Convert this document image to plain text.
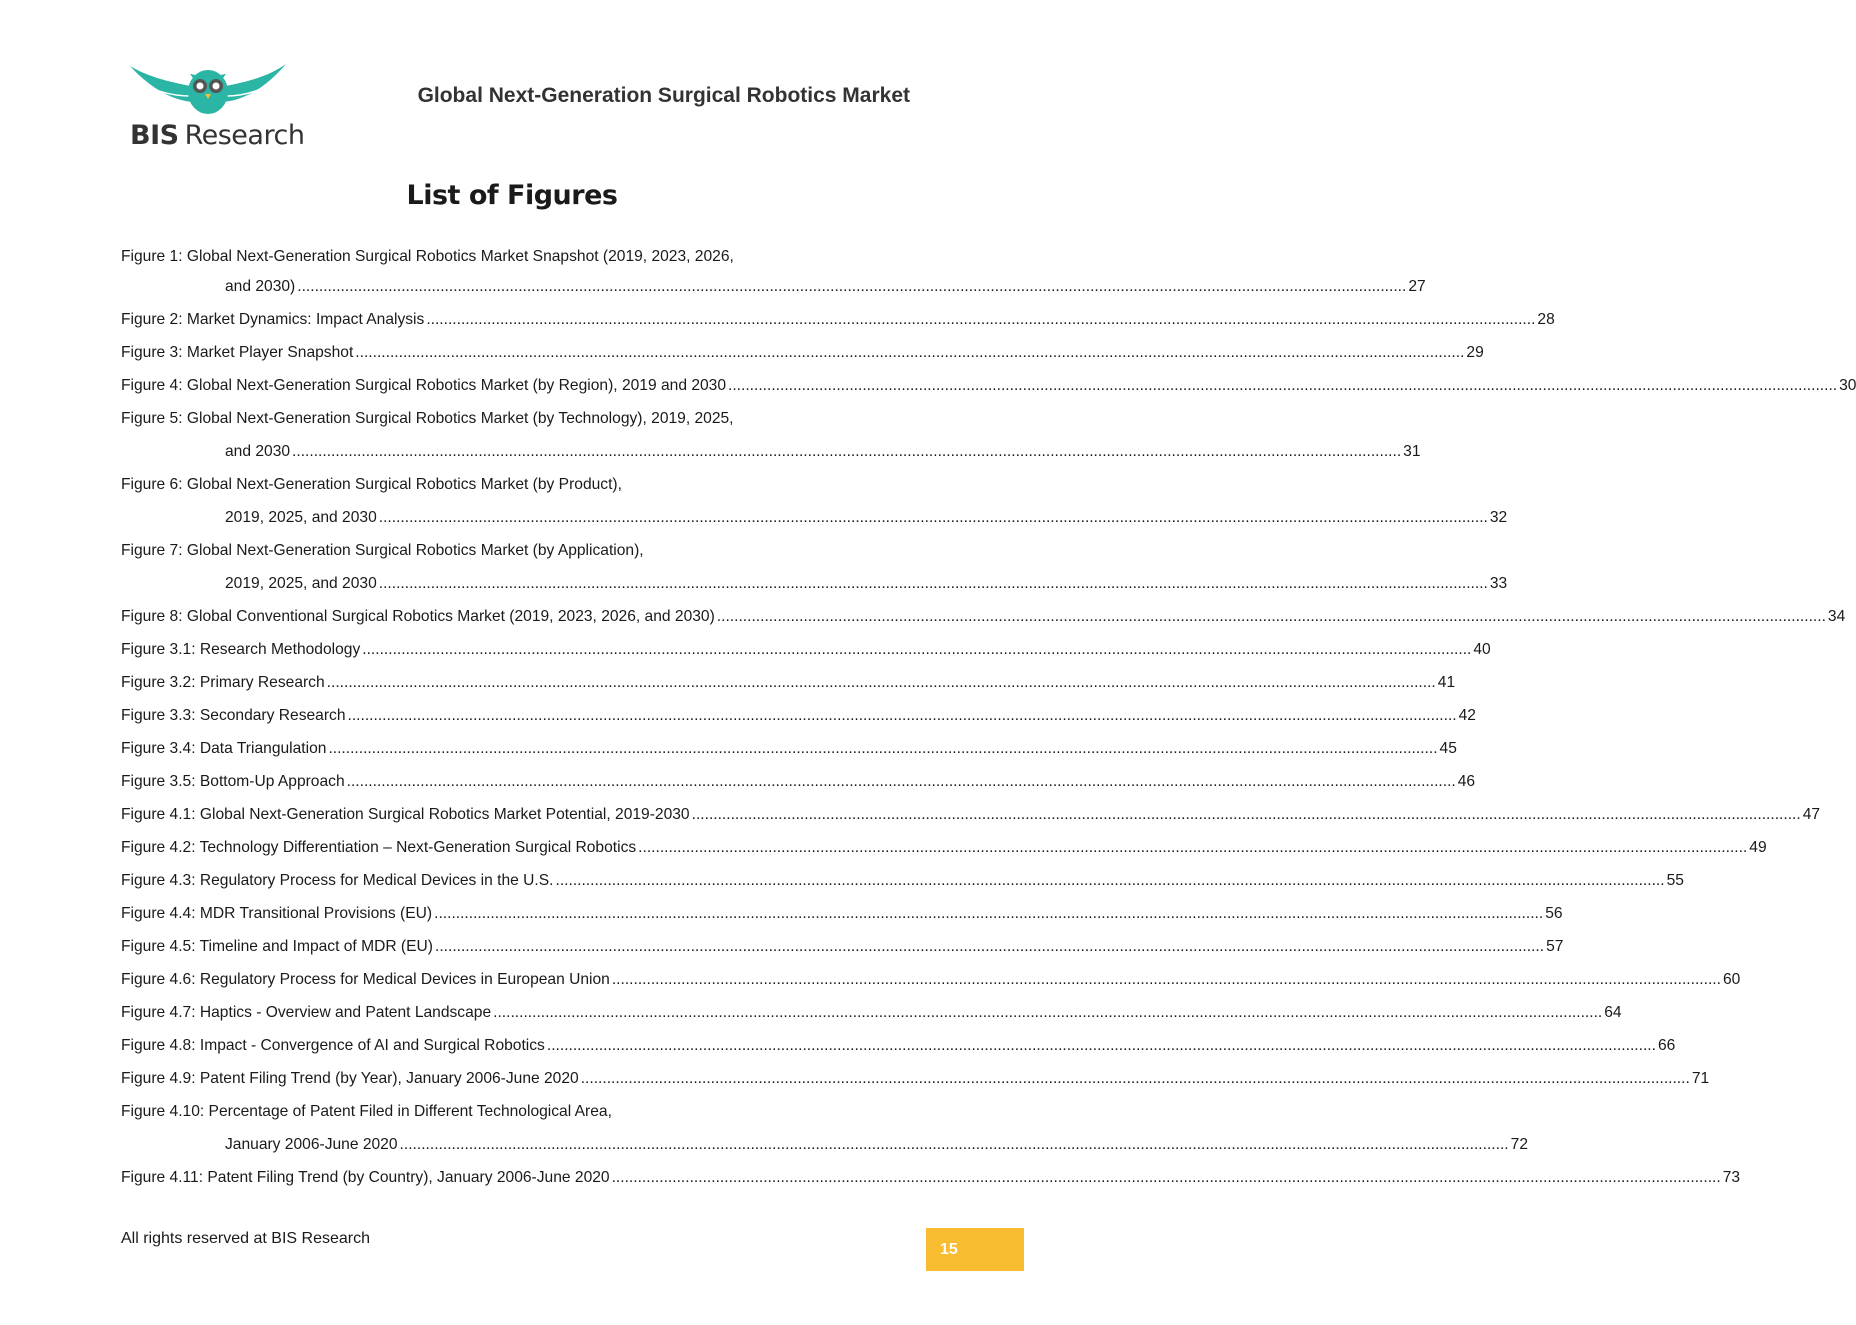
BIS Research
Global Next-Generation Surgical Robotics Market
List of Figures
Figure 1: Global Next-Generation Surgical Robotics Market Snapshot (2019, 2023, 2026,
and 2030) .....	27
Figure 2: Market Dynamics: Impact Analysis .....	28
Figure 3: Market Player Snapshot .....	29
Figure 4: Global Next-Generation Surgical Robotics Market (by Region), 2019 and 2030 .....	30
Figure 5: Global Next-Generation Surgical Robotics Market (by Technology), 2019, 2025,
and 2030 .....	31
Figure 6: Global Next-Generation Surgical Robotics Market (by Product),
2019, 2025, and 2030 .....	32
Figure 7: Global Next-Generation Surgical Robotics Market (by Application),
2019, 2025, and 2030 .....	33
Figure 8: Global Conventional Surgical Robotics Market (2019, 2023, 2026, and 2030) .....	34
Figure 3.1: Research Methodology .....	40
Figure 3.2: Primary Research .....	41
Figure 3.3: Secondary Research .....	42
Figure 3.4: Data Triangulation .....	45
Figure 3.5: Bottom-Up Approach .....	46
Figure 4.1: Global Next-Generation Surgical Robotics Market Potential, 2019-2030 .....	47
Figure 4.2: Technology Differentiation – Next-Generation Surgical Robotics .....	49
Figure 4.3: Regulatory Process for Medical Devices in the U.S. .....	55
Figure 4.4: MDR Transitional Provisions (EU) .....	56
Figure 4.5: Timeline and Impact of MDR (EU) .....	57
Figure 4.6: Regulatory Process for Medical Devices in European Union .....	60
Figure 4.7: Haptics - Overview and Patent Landscape .....	64
Figure 4.8: Impact - Convergence of AI and Surgical Robotics .....	66
Figure 4.9: Patent Filing Trend (by Year), January 2006-June 2020 .....	71
Figure 4.10: Percentage of Patent Filed in Different Technological Area,
January 2006-June 2020 .....	72
Figure 4.11: Patent Filing Trend (by Country), January 2006-June 2020 .....	73
All rights reserved at BIS Research
15
